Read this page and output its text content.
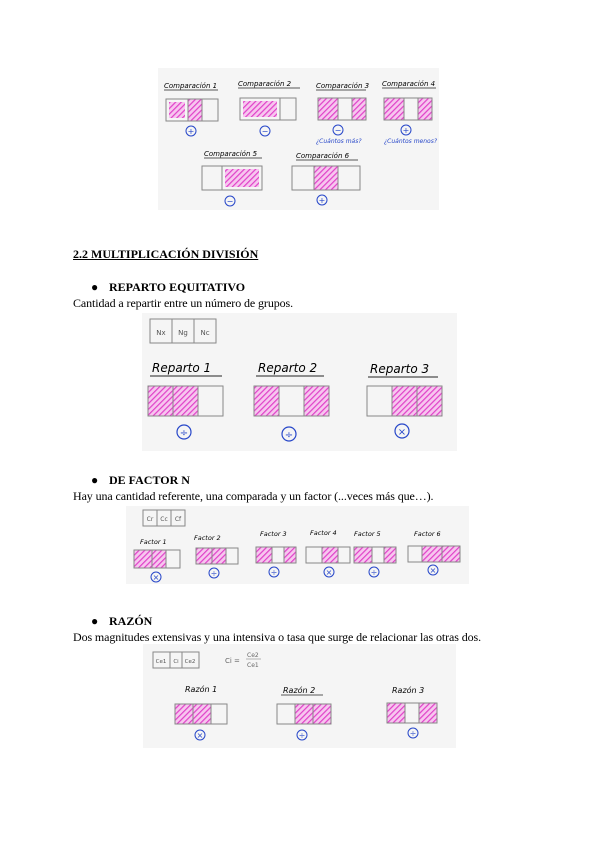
Comparación 1
+
Comparación 2
−
Comparación 3
−
¿Cuántos más?
Comparación 4
+
¿Cuántos menos?
Comparación 5
−
Comparación 6
+
2.2 MULTIPLICACIÓN DIVISIÓN
● REPARTO EQUITATIVO
Cantidad a repartir entre un número de grupos.
Nx Ng Nc
Reparto 1	Reparto 2	Reparto 3
÷	÷	×
● DE FACTOR N
Hay una cantidad referente, una comparada y un factor (...veces más que…).
Cr Cc Cf
Factor 1	Factor 2	Factor 3	Factor 4	Factor 5	Factor 6
×	÷	÷	×	÷	×
● RAZÓN
Dos magnitudes extensivas y una intensiva o tasa que surge de relacionar las otras dos.
Ce1 Ci Ce2	Ci =
Ce2
Ce1
Razón 1	Razón 2	Razón 3
×	÷	÷
